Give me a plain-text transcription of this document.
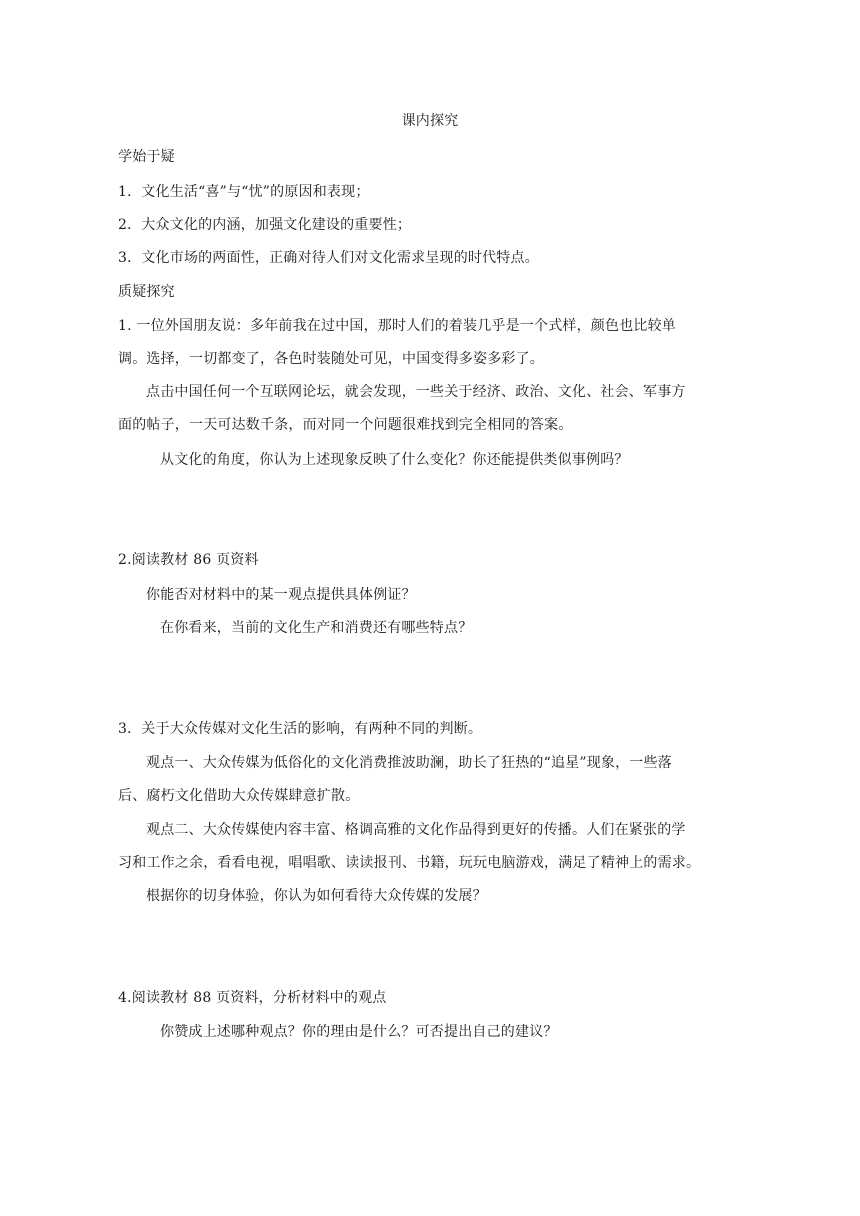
课内探究
学始于疑
1．文化生活“喜”与“忧”的原因和表现；
2．大众文化的内涵，加强文化建设的重要性；
3．文化市场的两面性，正确对待人们对文化需求呈现的时代特点。
质疑探究
1. 一位外国朋友说：多年前我在过中国，那时人们的着装几乎是一个式样，颜色也比较单
调。选择，一切都变了，各色时装随处可见，中国变得多姿多彩了。
点击中国任何一个互联网论坛，就会发现，一些关于经济、政治、文化、社会、军事方
面的帖子，一天可达数千条，而对同一个问题很难找到完全相同的答案。
从文化的角度，你认为上述现象反映了什么变化？你还能提供类似事例吗？
2.阅读教材 86 页资料
你能否对材料中的某一观点提供具体例证？
在你看来，当前的文化生产和消费还有哪些特点？
3．关于大众传媒对文化生活的影响，有两种不同的判断。
观点一、大众传媒为低俗化的文化消费推波助澜，助长了狂热的“追星”现象，一些落
后、腐朽文化借助大众传媒肆意扩散。
观点二、大众传媒使内容丰富、格调高雅的文化作品得到更好的传播。人们在紧张的学
习和工作之余，看看电视，唱唱歌、读读报刊、书籍，玩玩电脑游戏，满足了精神上的需求。
根据你的切身体验，你认为如何看待大众传媒的发展？
4.阅读教材 88 页资料，分析材料中的观点
你赞成上述哪种观点？你的理由是什么？可否提出自己的建议？
